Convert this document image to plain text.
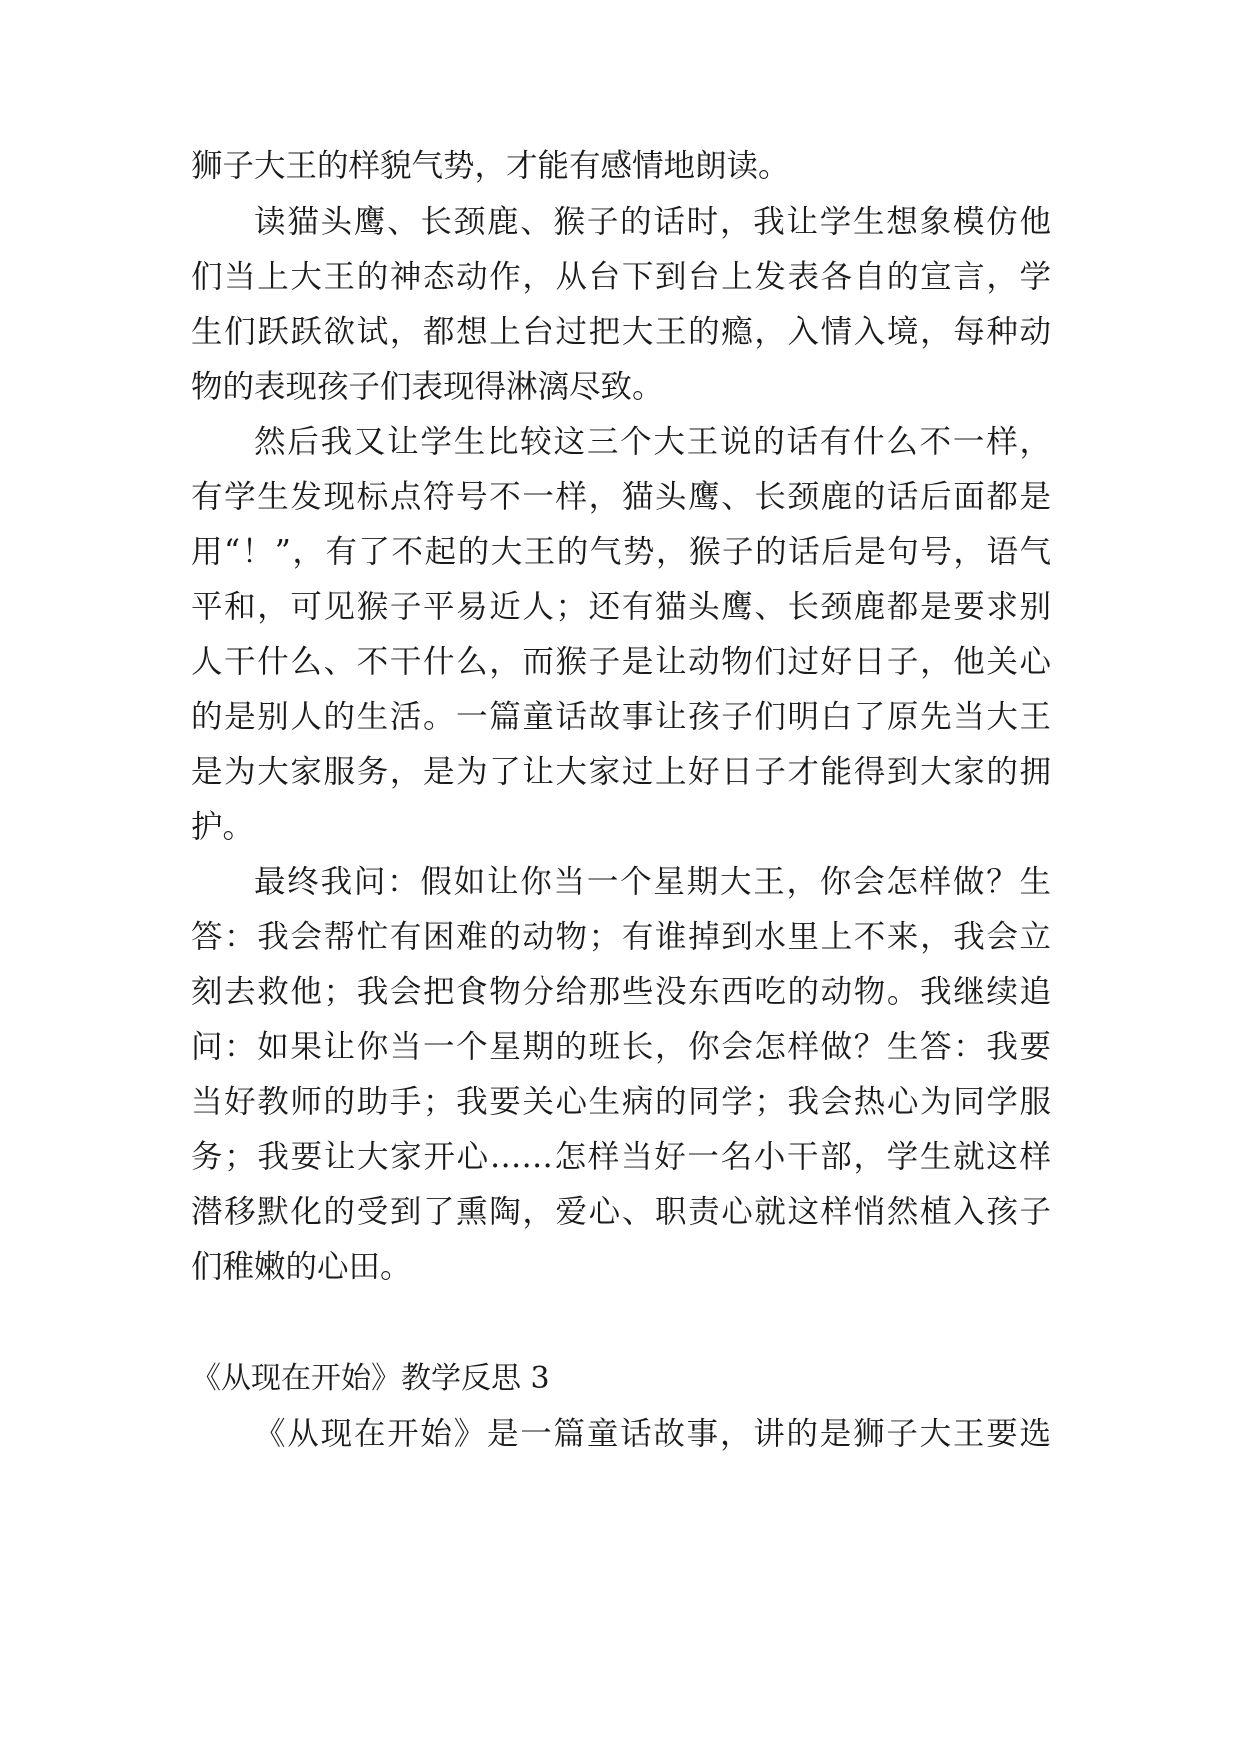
狮子大王的样貌气势，才能有感情地朗读。
读猫头鹰、长颈鹿、猴子的话时，我让学生想象模仿他
们当上大王的神态动作，从台下到台上发表各自的宣言，学
生们跃跃欲试，都想上台过把大王的瘾，入情入境，每种动
物的表现孩子们表现得淋漓尽致。
然后我又让学生比较这三个大王说的话有什么不一样，
有学生发现标点符号不一样，猫头鹰、长颈鹿的话后面都是
用“！”，有了不起的大王的气势，猴子的话后是句号，语气
平和，可见猴子平易近人；还有猫头鹰、长颈鹿都是要求别
人干什么、不干什么，而猴子是让动物们过好日子，他关心
的是别人的生活。一篇童话故事让孩子们明白了原先当大王
是为大家服务，是为了让大家过上好日子才能得到大家的拥
护。
最终我问：假如让你当一个星期大王，你会怎样做？生
答：我会帮忙有困难的动物；有谁掉到水里上不来，我会立
刻去救他；我会把食物分给那些没东西吃的动物。我继续追
问：如果让你当一个星期的班长，你会怎样做？生答：我要
当好教师的助手；我要关心生病的同学；我会热心为同学服
务；我要让大家开心……怎样当好一名小干部，学生就这样
潜移默化的受到了熏陶，爱心、职责心就这样悄然植入孩子
们稚嫩的心田。
《从现在开始》教学反思 3
《从现在开始》是一篇童话故事，讲的是狮子大王要选
